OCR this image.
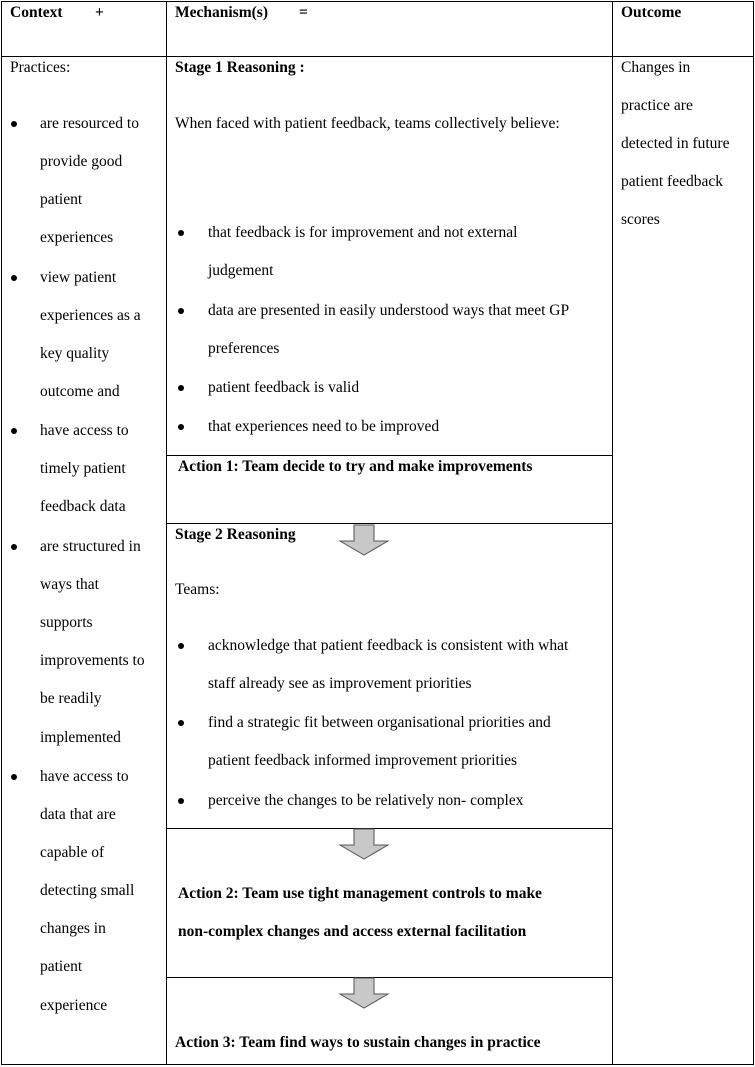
Context +	Mechanism(s) =	Outcome
Practices:
are resourced to
provide good
patient
experiences
view patient
experiences as a
key quality
outcome and
have access to
timely patient
feedback data
are structured in
ways that
supports
improvements to
be readily
implemented
have access to
data that are
capable of
detecting small
changes in
patient
experience
Stage 1 Reasoning :
When faced with patient feedback, teams collectively believe:
that feedback is for improvement and not external
judgement
data are presented in easily understood ways that meet GP
preferences
patient feedback is valid
that experiences need to be improved
Action 1: Team decide to try and make improvements
Stage 2 Reasoning
Teams:
acknowledge that patient feedback is consistent with what
staff already see as improvement priorities
find a strategic fit between organisational priorities and
patient feedback informed improvement priorities
perceive the changes to be relatively non- complex
Action 2: Team use tight management controls to make
non-complex changes and access external facilitation
Action 3: Team find ways to sustain changes in practice
Changes in
practice are
detected in future
patient feedback
scores
